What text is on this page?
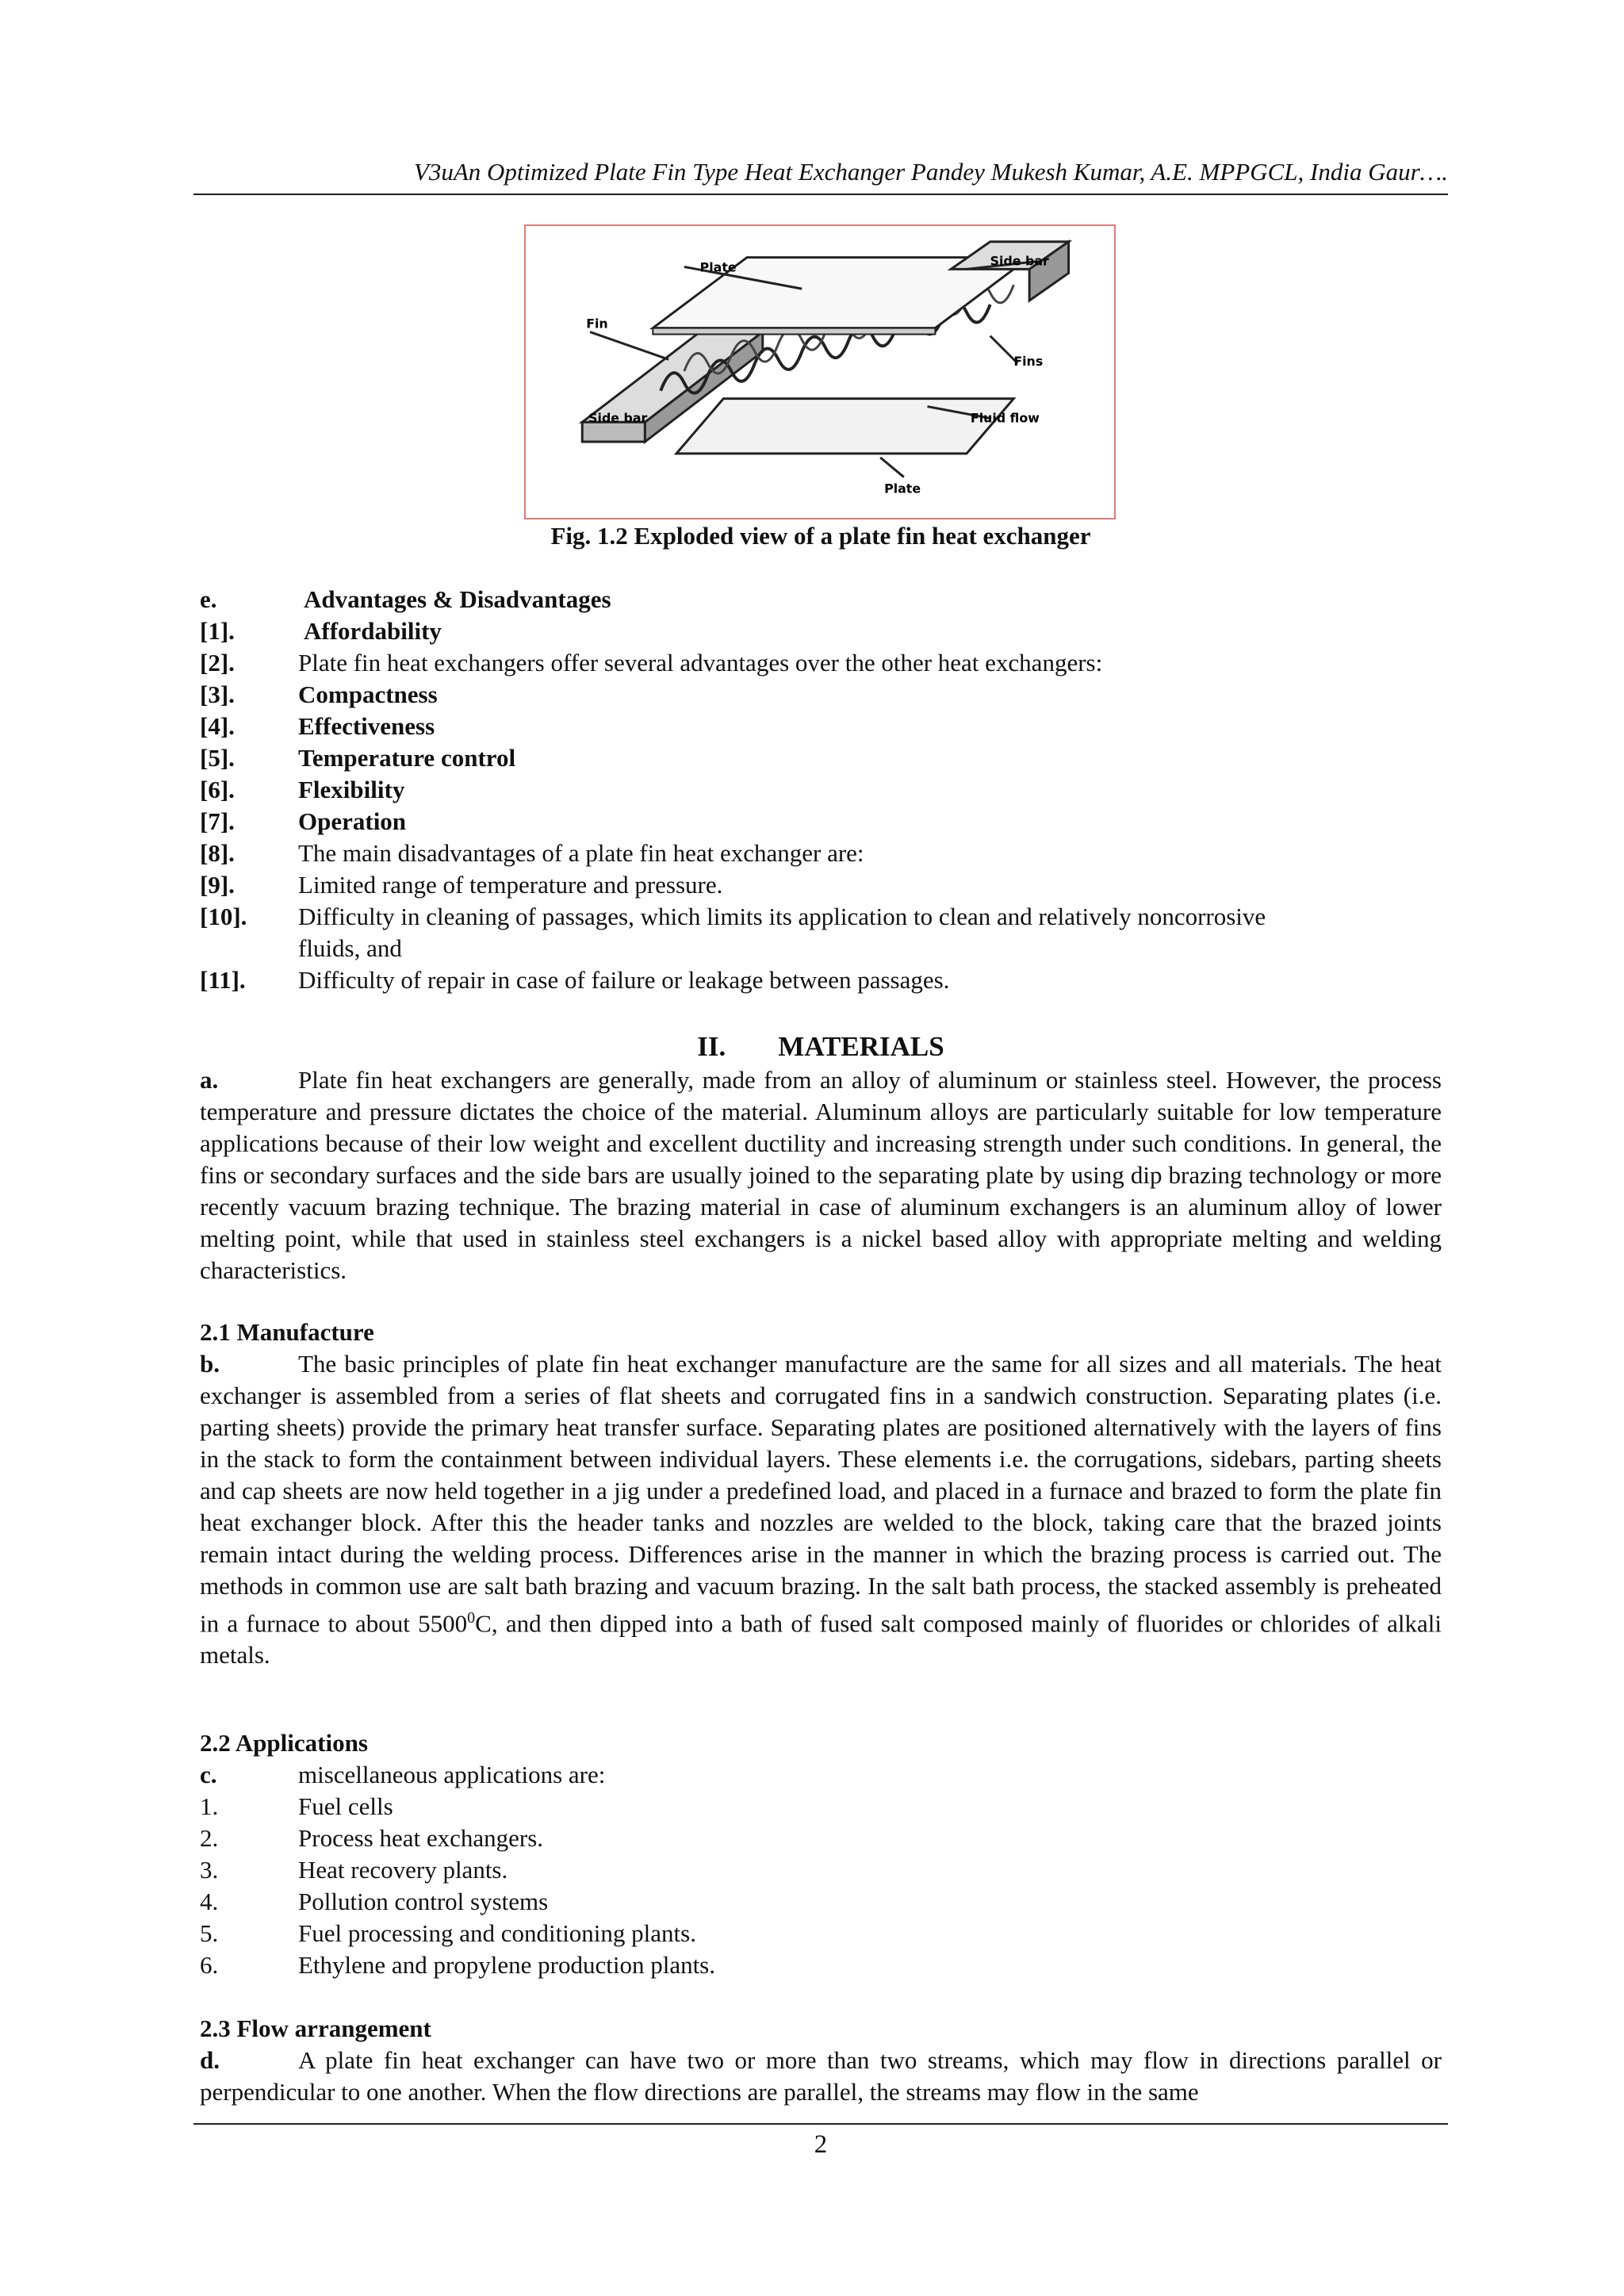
V3uAn Optimized Plate Fin Type Heat Exchanger Pandey Mukesh Kumar, A.E. MPPGCL, India Gaur….
Plate	Side bar
Fin
Fins
Side bar	Fluid flow
Plate
Fig. 1.2 Exploded view of a plate fin heat exchanger
e.	Advantages & Disadvantages
[1].	Affordability
[2].	Plate fin heat exchangers offer several advantages over the other heat exchangers:
[3].	Compactness
[4].	Effectiveness
[5].	Temperature control
[6].	Flexibility
[7].	Operation
[8].	The main disadvantages of a plate fin heat exchanger are:
[9].	Limited range of temperature and pressure.
[10]. Difficulty in cleaning of passages, which limits its application to clean and relatively noncorrosive
fluids, and
[11]. Difficulty of repair in case of failure or leakage between passages.
II. MATERIALS

a.	Plate fin heat exchangers are generally, made from an alloy of aluminum or stainless steel. However, the process temperature and pressure dictates the choice of the material. Aluminum alloys are particularly suitable for low temperature applications because of their low weight and excellent ductility and increasing strength under such conditions. In general, the fins or secondary surfaces and the side bars are usually joined to the separating plate by using dip brazing technology or more recently vacuum brazing technique. The brazing material in case of aluminum exchangers is an aluminum alloy of lower melting point, while that used in stainless steel exchangers is a nickel based alloy with appropriate melting and welding characteristics.

2.1 Manufacture

b.	The basic principles of plate fin heat exchanger manufacture are the same for all sizes and all materials. The heat exchanger is assembled from a series of flat sheets and corrugated fins in a sandwich construction. Separating plates (i.e. parting sheets) provide the primary heat transfer surface. Separating plates are positioned alternatively with the layers of fins in the stack to form the containment between individual layers. These elements i.e. the corrugations, sidebars, parting sheets and cap sheets are now held together in a jig under a predefined load, and placed in a furnace and brazed to form the plate fin heat exchanger block. After this the header tanks and nozzles are welded to the block, taking care that the brazed joints remain intact during the welding process. Differences arise in the manner in which the brazing process is carried out. The methods in common use are salt bath brazing and vacuum brazing. In the salt bath process, the stacked assembly is preheated in a furnace to about 5500$^0$C, and then dipped into a bath of fused salt composed mainly of fluorides or chlorides of alkali metals.

2.2 Applications
c.	miscellaneous applications are:
1.	Fuel cells
2.	Process heat exchangers.
3.	Heat recovery plants.
4.	Pollution control systems
5.	Fuel processing and conditioning plants.
6.	Ethylene and propylene production plants.
2.3 Flow arrangement

d.	A plate fin heat exchanger can have two or more than two streams, which may flow in directions parallel or perpendicular to one another. When the flow directions are parallel, the streams may flow in the same

2
